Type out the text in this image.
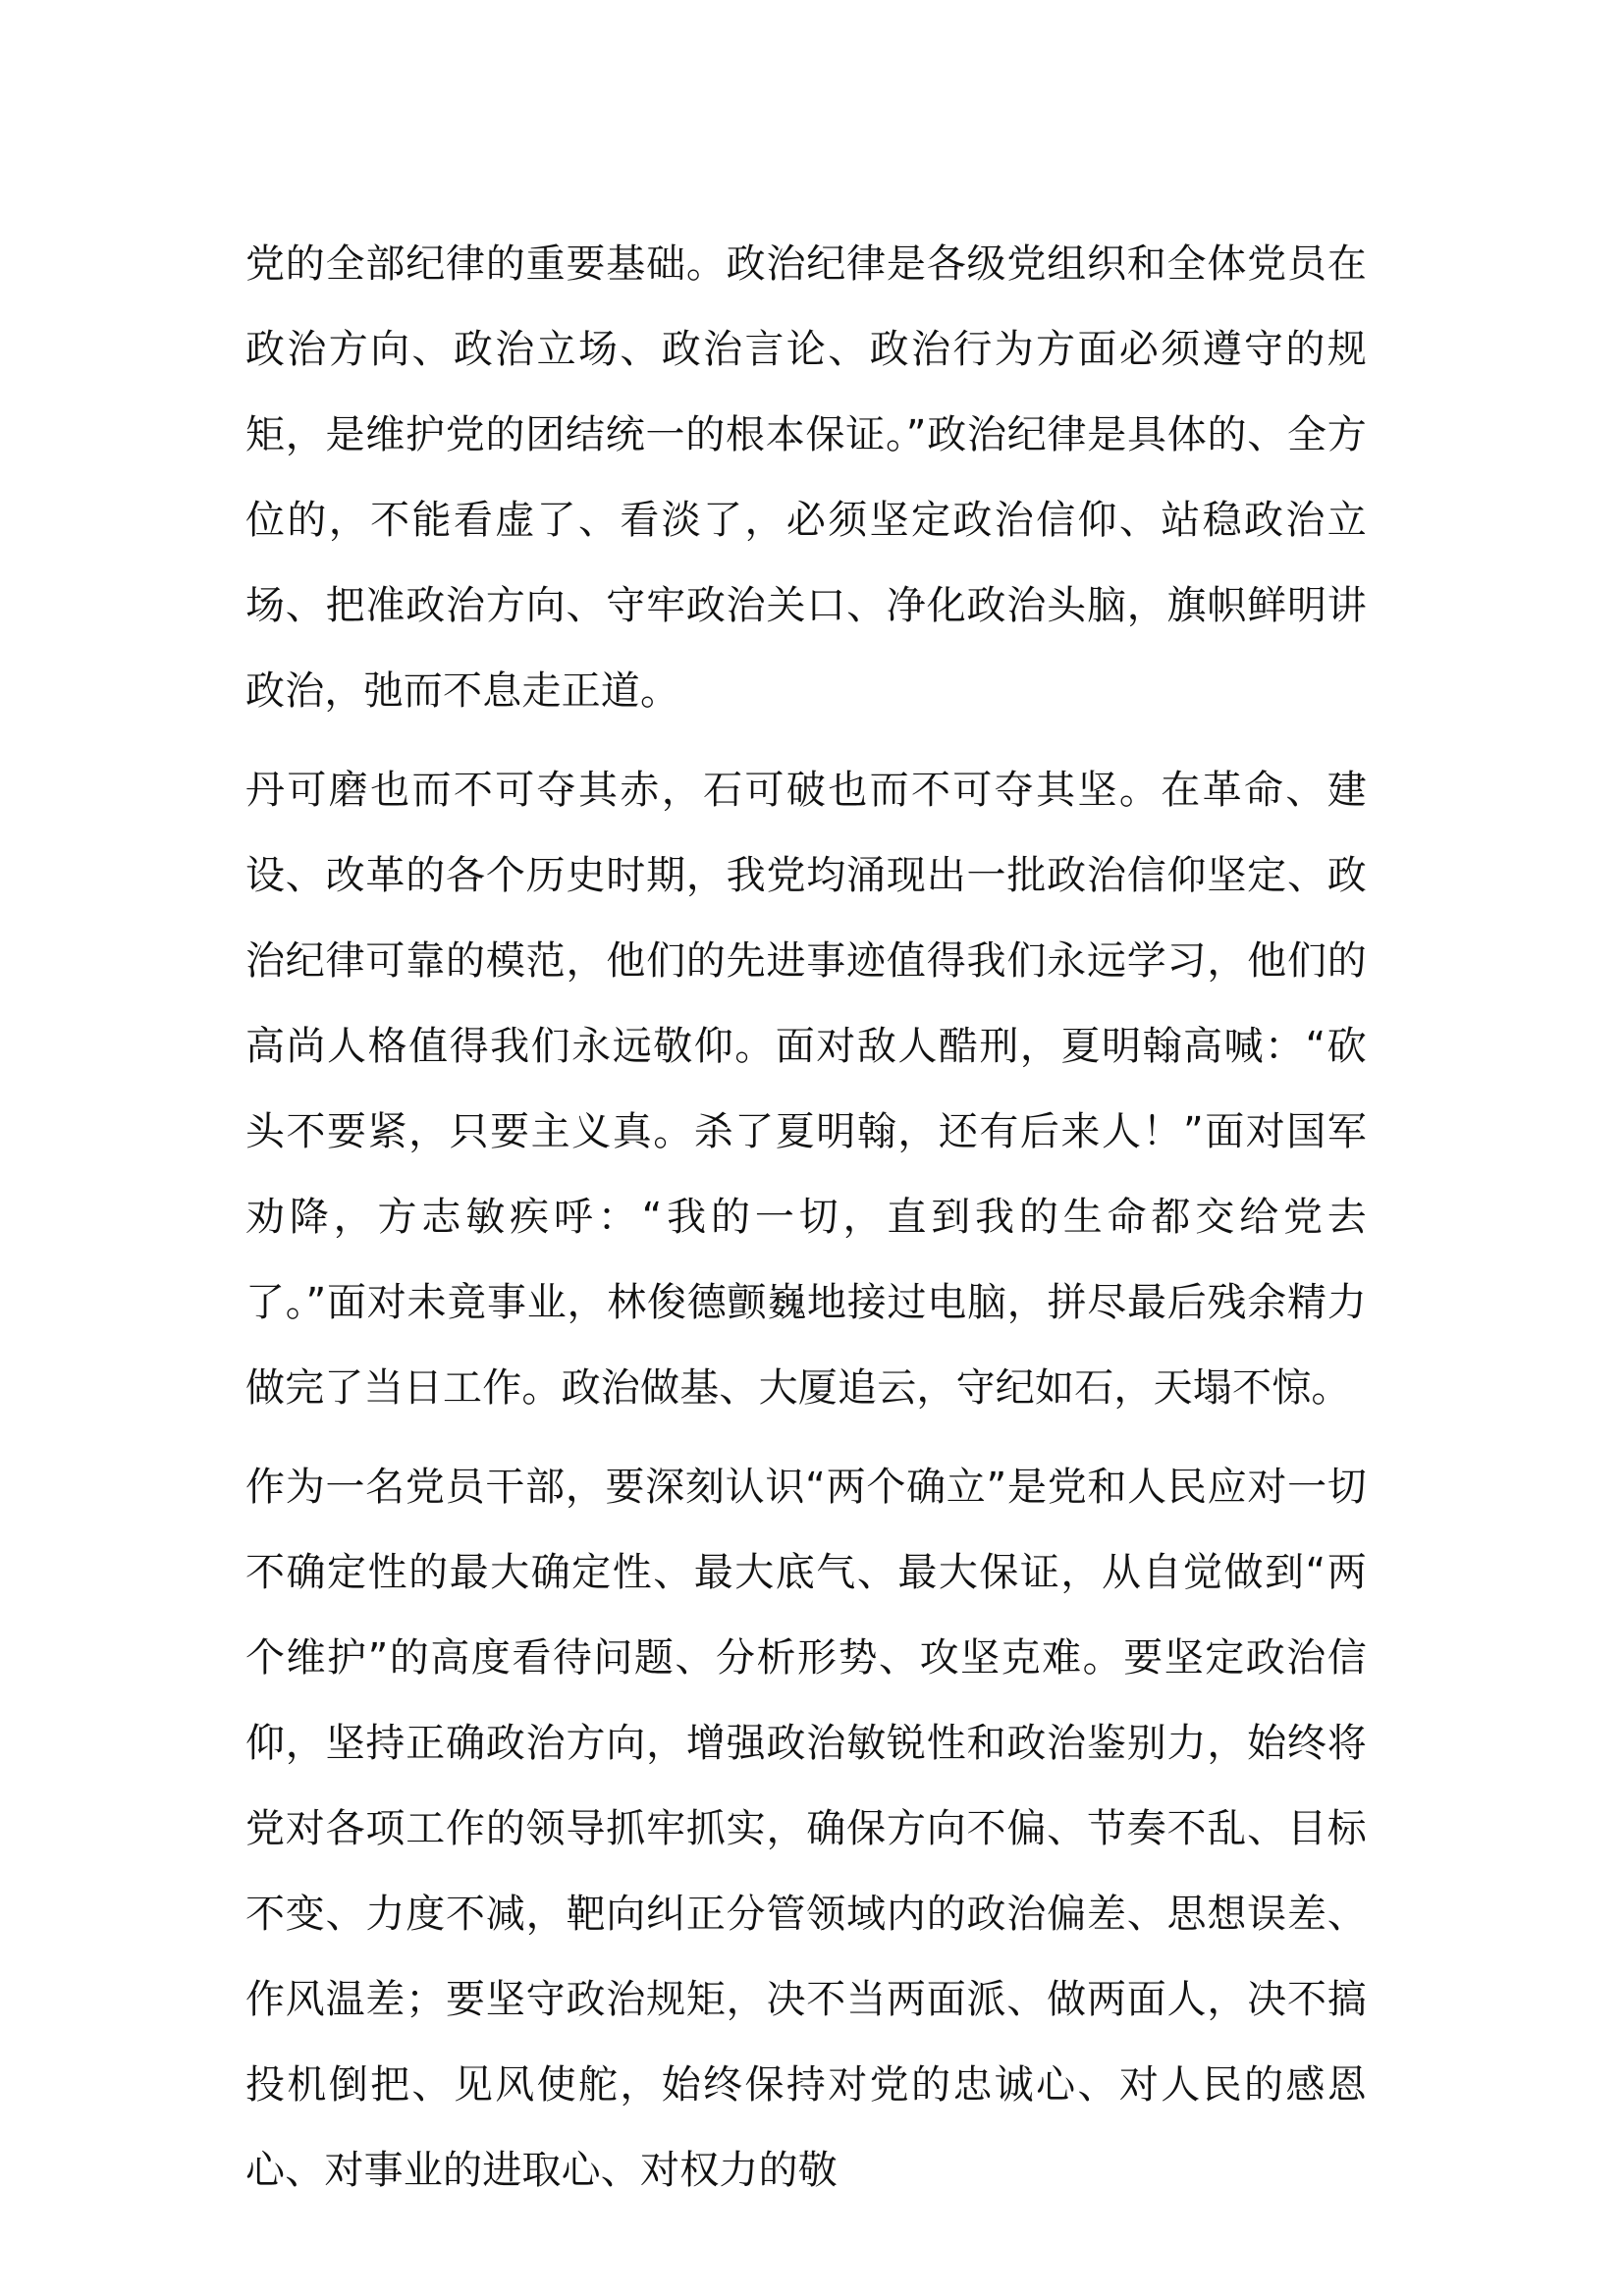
党的全部纪律的重要基础。政治纪律是各级党组织和全体党员在政治方向、政治立场、政治言论、政治行为方面必须遵守的规矩，是维护党的团结统一的根本保证。”政治纪律是具体的、全方位的，不能看虚了、看淡了，必须坚定政治信仰、站稳政治立场、把准政治方向、守牢政治关口、净化政治头脑，旗帜鲜明讲政治，弛而不息走正道。

丹可磨也而不可夺其赤，石可破也而不可夺其坚。在革命、建设、改革的各个历史时期，我党均涌现出一批政治信仰坚定、政治纪律可靠的模范，他们的先进事迹值得我们永远学习，他们的高尚人格值得我们永远敬仰。面对敌人酷刑，夏明翰高喊：“砍头不要紧，只要主义真。杀了夏明翰，还有后来人！”面对国军劝降，方志敏疾呼：“我的一切，直到我的生命都交给党去了。”面对未竟事业，林俊德颤巍地接过电脑，拼尽最后残余精力做完了当日工作。政治做基、大厦追云，守纪如石，天塌不惊。

作为一名党员干部，要深刻认识“两个确立”是党和人民应对一切不确定性的最大确定性、最大底气、最大保证，从自觉做到“两个维护”的高度看待问题、分析形势、攻坚克难。要坚定政治信仰，坚持正确政治方向，增强政治敏锐性和政治鉴别力，始终将党对各项工作的领导抓牢抓实，确保方向不偏、节奏不乱、目标不变、力度不减，靶向纠正分管领域内的政治偏差、思想误差、作风温差；要坚守政治规矩，决不当两面派、做两面人，决不搞投机倒把、见风使舵，始终保持对党的忠诚心、对人民的感恩心、对事业的进取心、对权力的敬
